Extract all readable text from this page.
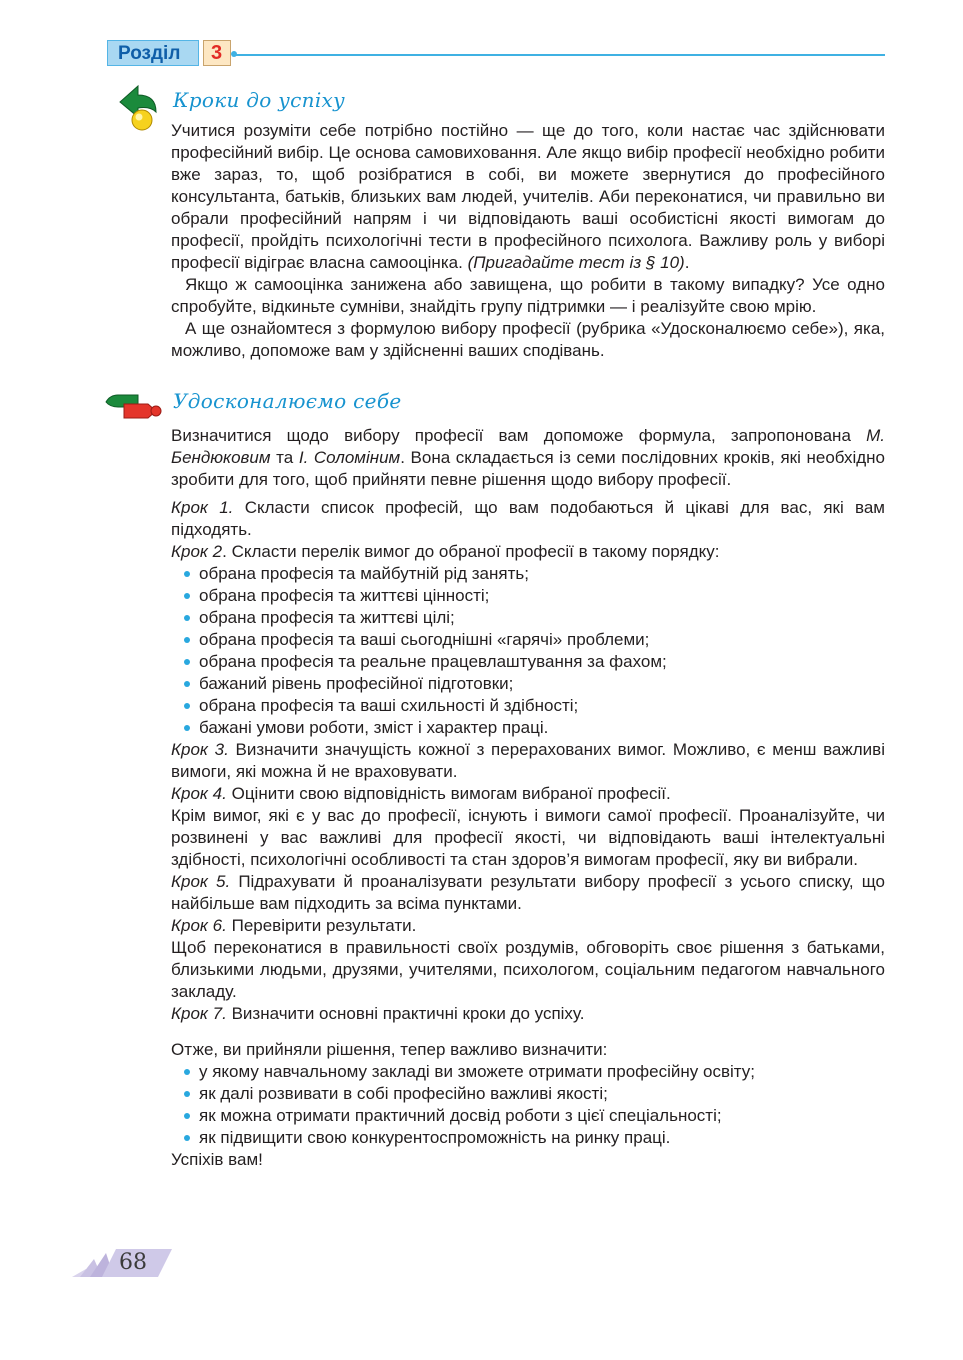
Розділ 3
Кроки до успіху

Учитися розуміти себе потрібно постійно — ще до того, коли настає час здійснювати професійний вибір. Це основа самовиховання. Але якщо вибір професії необхідно робити вже зараз, то, щоб розібратися в собі, ви можете звернутися до професійного консультанта, батьків, близьких вам людей, учителів. Аби переконатися, чи правильно ви обрали професійний напрям і чи відповідають ваші особистісні якості вимогам до професії, пройдіть психологічні тести в професійного психолога. Важливу роль у виборі професії відіграє власна самооцінка. (Пригадайте тест із § 10).

Якщо ж самооцінка занижена або завищена, що робити в такому випадку? Усе одно спробуйте, відкиньте сумніви, знайдіть групу підтримки — і реалізуйте свою мрію.

А ще ознайомтеся з формулою вибору професії (рубрика «Удосконалюємо себе»), яка, можливо, допоможе вам у здійсненні ваших сподівань.

Удосконалюємо себе

Визначитися щодо вибору професії вам допоможе формула, запропонована М. Бендюковим та І. Соломіним. Вона складається із семи послідовних кроків, які необхідно зробити для того, щоб прийняти певне рішення щодо вибору професії.

Крок 1. Скласти список професій, що вам подобаються й цікаві для вас, які вам підходять.

Крок 2. Скласти перелік вимог до обраної професії в такому порядку:

обрана професія та майбутній рід занять;
обрана професія та життєві цінності;
обрана професія та життєві цілі;
обрана професія та ваші сьогоднішні «гарячі» проблеми;
обрана професія та реальне працевлаштування за фахом;
бажаний рівень професійної підготовки;
обрана професія та ваші схильності й здібності;
бажані умови роботи, зміст і характер праці.

Крок 3. Визначити значущість кожної з перерахованих вимог. Можливо, є менш важливі вимоги, які можна й не враховувати.

Крок 4. Оцінити свою відповідність вимогам вибраної професії.

Крім вимог, які є у вас до професії, існують і вимоги самої професії. Проаналізуйте, чи розвинені у вас важливі для професії якості, чи відповідають ваші інтелектуальні здібності, психологічні особливості та стан здоров’я вимогам професії, яку ви вибрали.

Крок 5. Підрахувати й проаналізувати результати вибору професії з усього списку, що найбільше вам підходить за всіма пунктами.

Крок 6. Перевірити результати.

Щоб переконатися в правильності своїх роздумів, обговоріть своє рішення з батьками, близькими людьми, друзями, учителями, психологом, соціальним педагогом навчального закладу.

Крок 7. Визначити основні практичні кроки до успіху.

Отже, ви прийняли рішення, тепер важливо визначити:

у якому навчальному закладі ви зможете отримати професійну освіту;
як далі розвивати в собі професійно важливі якості;
як можна отримати практичний досвід роботи з цієї спеціальності;
як підвищити свою конкурентоспроможність на ринку праці.

Успіхів вам!

68
